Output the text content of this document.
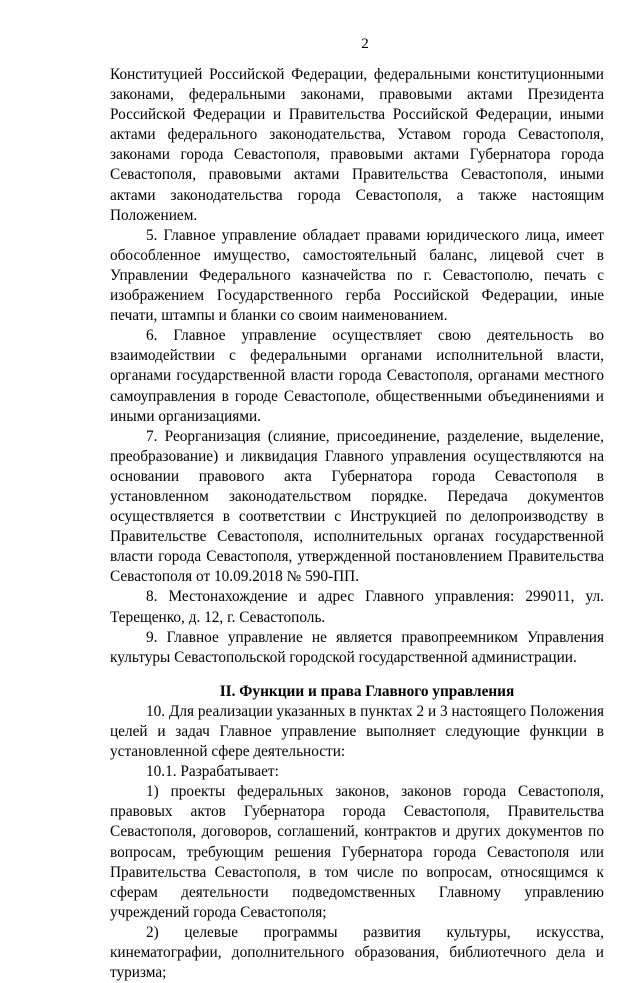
2

Конституцией Российской Федерации, федеральными конституционными законами, федеральными законами, правовыми актами Президента Российской Федерации и Правительства Российской Федерации, иными актами федерального законодательства, Уставом города Севастополя, законами города Севастополя, правовыми актами Губернатора города Севастополя, правовыми актами Правительства Севастополя, иными актами законодательства города Севастополя, а также настоящим Положением.

5. Главное управление обладает правами юридического лица, имеет обособленное имущество, самостоятельный баланс, лицевой счет в Управлении Федерального казначейства по г. Севастополю, печать с изображением Государственного герба Российской Федерации, иные печати, штампы и бланки со своим наименованием.

6. Главное управление осуществляет свою деятельность во взаимодействии с федеральными органами исполнительной власти, органами государственной власти города Севастополя, органами местного самоуправления в городе Севастополе, общественными объединениями и иными организациями.

7. Реорганизация (слияние, присоединение, разделение, выделение, преобразование) и ликвидация Главного управления осуществляются на основании правового акта Губернатора города Севастополя в установленном законодательством порядке. Передача документов осуществляется в соответствии с Инструкцией по делопроизводству в Правительстве Севастополя, исполнительных органах государственной власти города Севастополя, утвержденной постановлением Правительства Севастополя от 10.09.2018 № 590-ПП.

8. Местонахождение и адрес Главного управления: 299011, ул. Терещенко, д. 12, г. Севастополь.

9. Главное управление не является правопреемником Управления культуры Севастопольской городской государственной администрации.

II. Функции и права Главного управления

10. Для реализации указанных в пунктах 2 и 3 настоящего Положения целей и задач Главное управление выполняет следующие функции в установленной сфере деятельности:

10.1. Разрабатывает:

1) проекты федеральных законов, законов города Севастополя, правовых актов Губернатора города Севастополя, Правительства Севастополя, договоров, соглашений, контрактов и других документов по вопросам, требующим решения Губернатора города Севастополя или Правительства Севастополя, в том числе по вопросам, относящимся к сферам деятельности подведомственных Главному управлению учреждений города Севастополя;

2) целевые программы развития культуры, искусства, кинематографии, дополнительного образования, библиотечного дела и туризма;
